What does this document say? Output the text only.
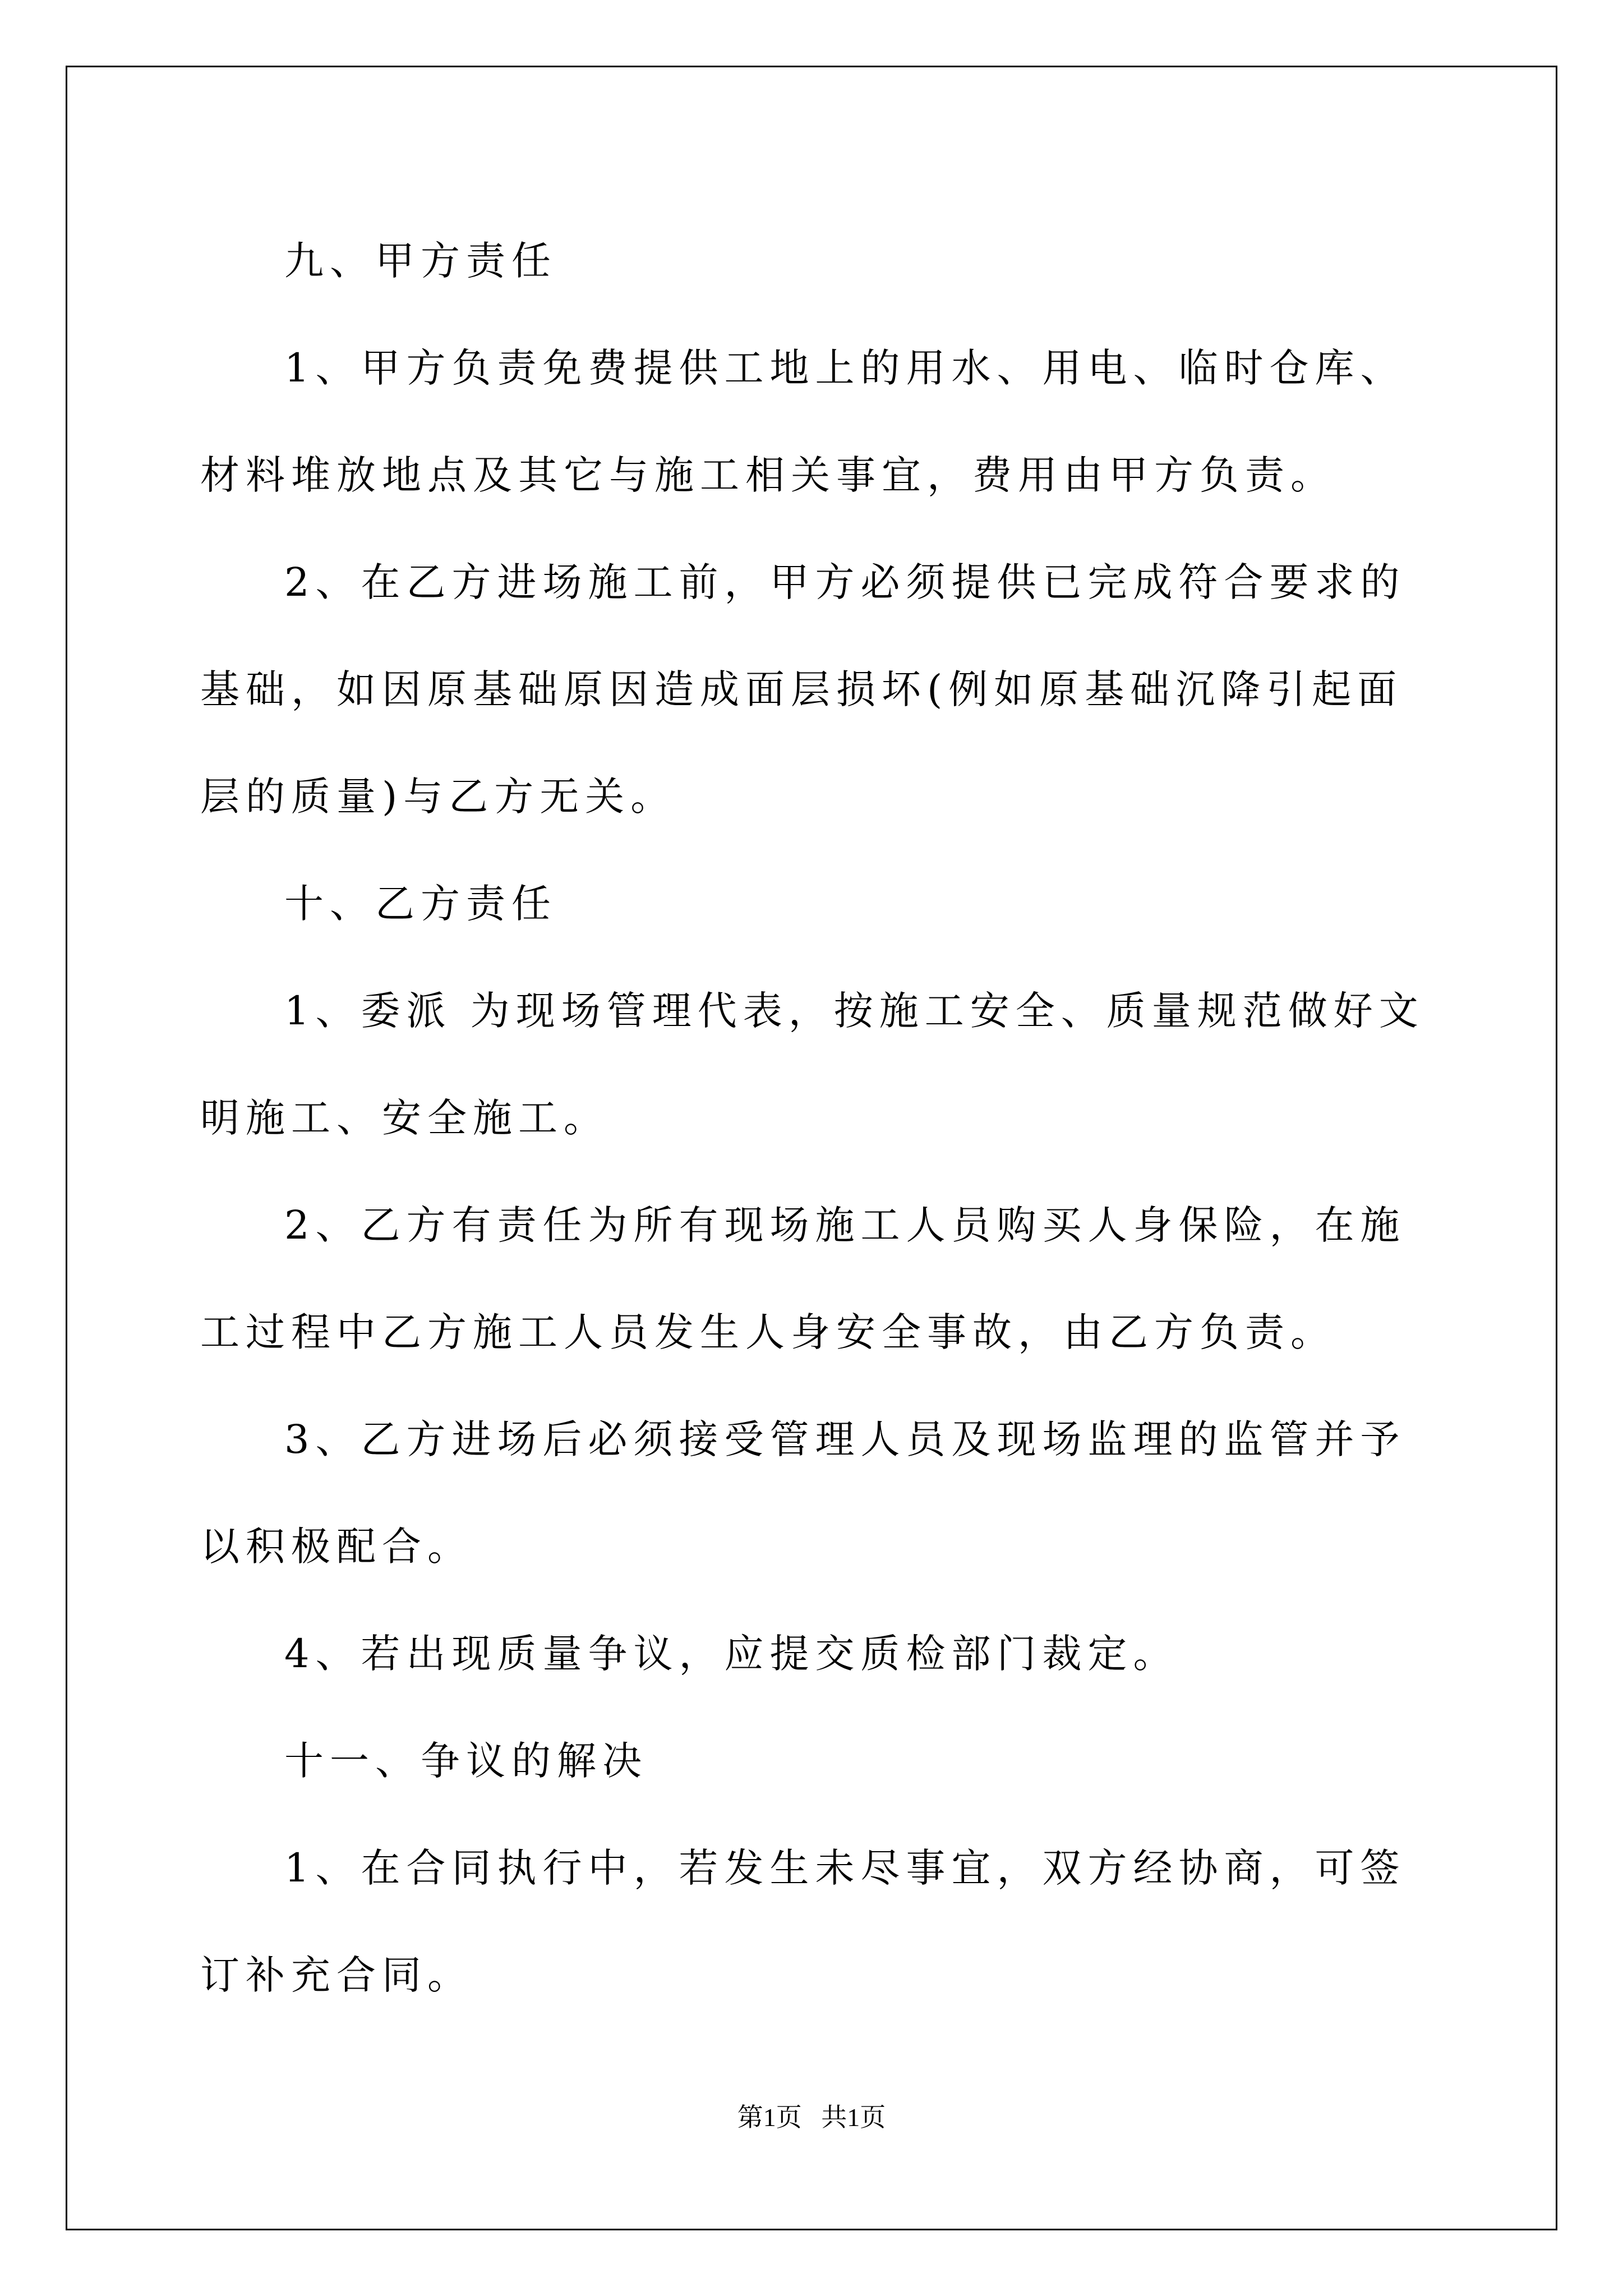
九、甲方责任

1、甲方负责免费提供工地上的用水、用电、临时仓库、材料堆放地点及其它与施工相关事宜，费用由甲方负责。

2、在乙方进场施工前，甲方必须提供已完成符合要求的基础，如因原基础原因造成面层损坏(例如原基础沉降引起面层的质量)与乙方无关。

十、乙方责任

1、委派 为现场管理代表，按施工安全、质量规范做好文明施工、安全施工。

2、乙方有责任为所有现场施工人员购买人身保险，在施工过程中乙方施工人员发生人身安全事故，由乙方负责。

3、乙方进场后必须接受管理人员及现场监理的监管并予以积极配合。

4、若出现质量争议，应提交质检部门裁定。

十一、争议的解决

1、在合同执行中，若发生未尽事宜，双方经协商，可签订补充合同。

第1页 共1页
